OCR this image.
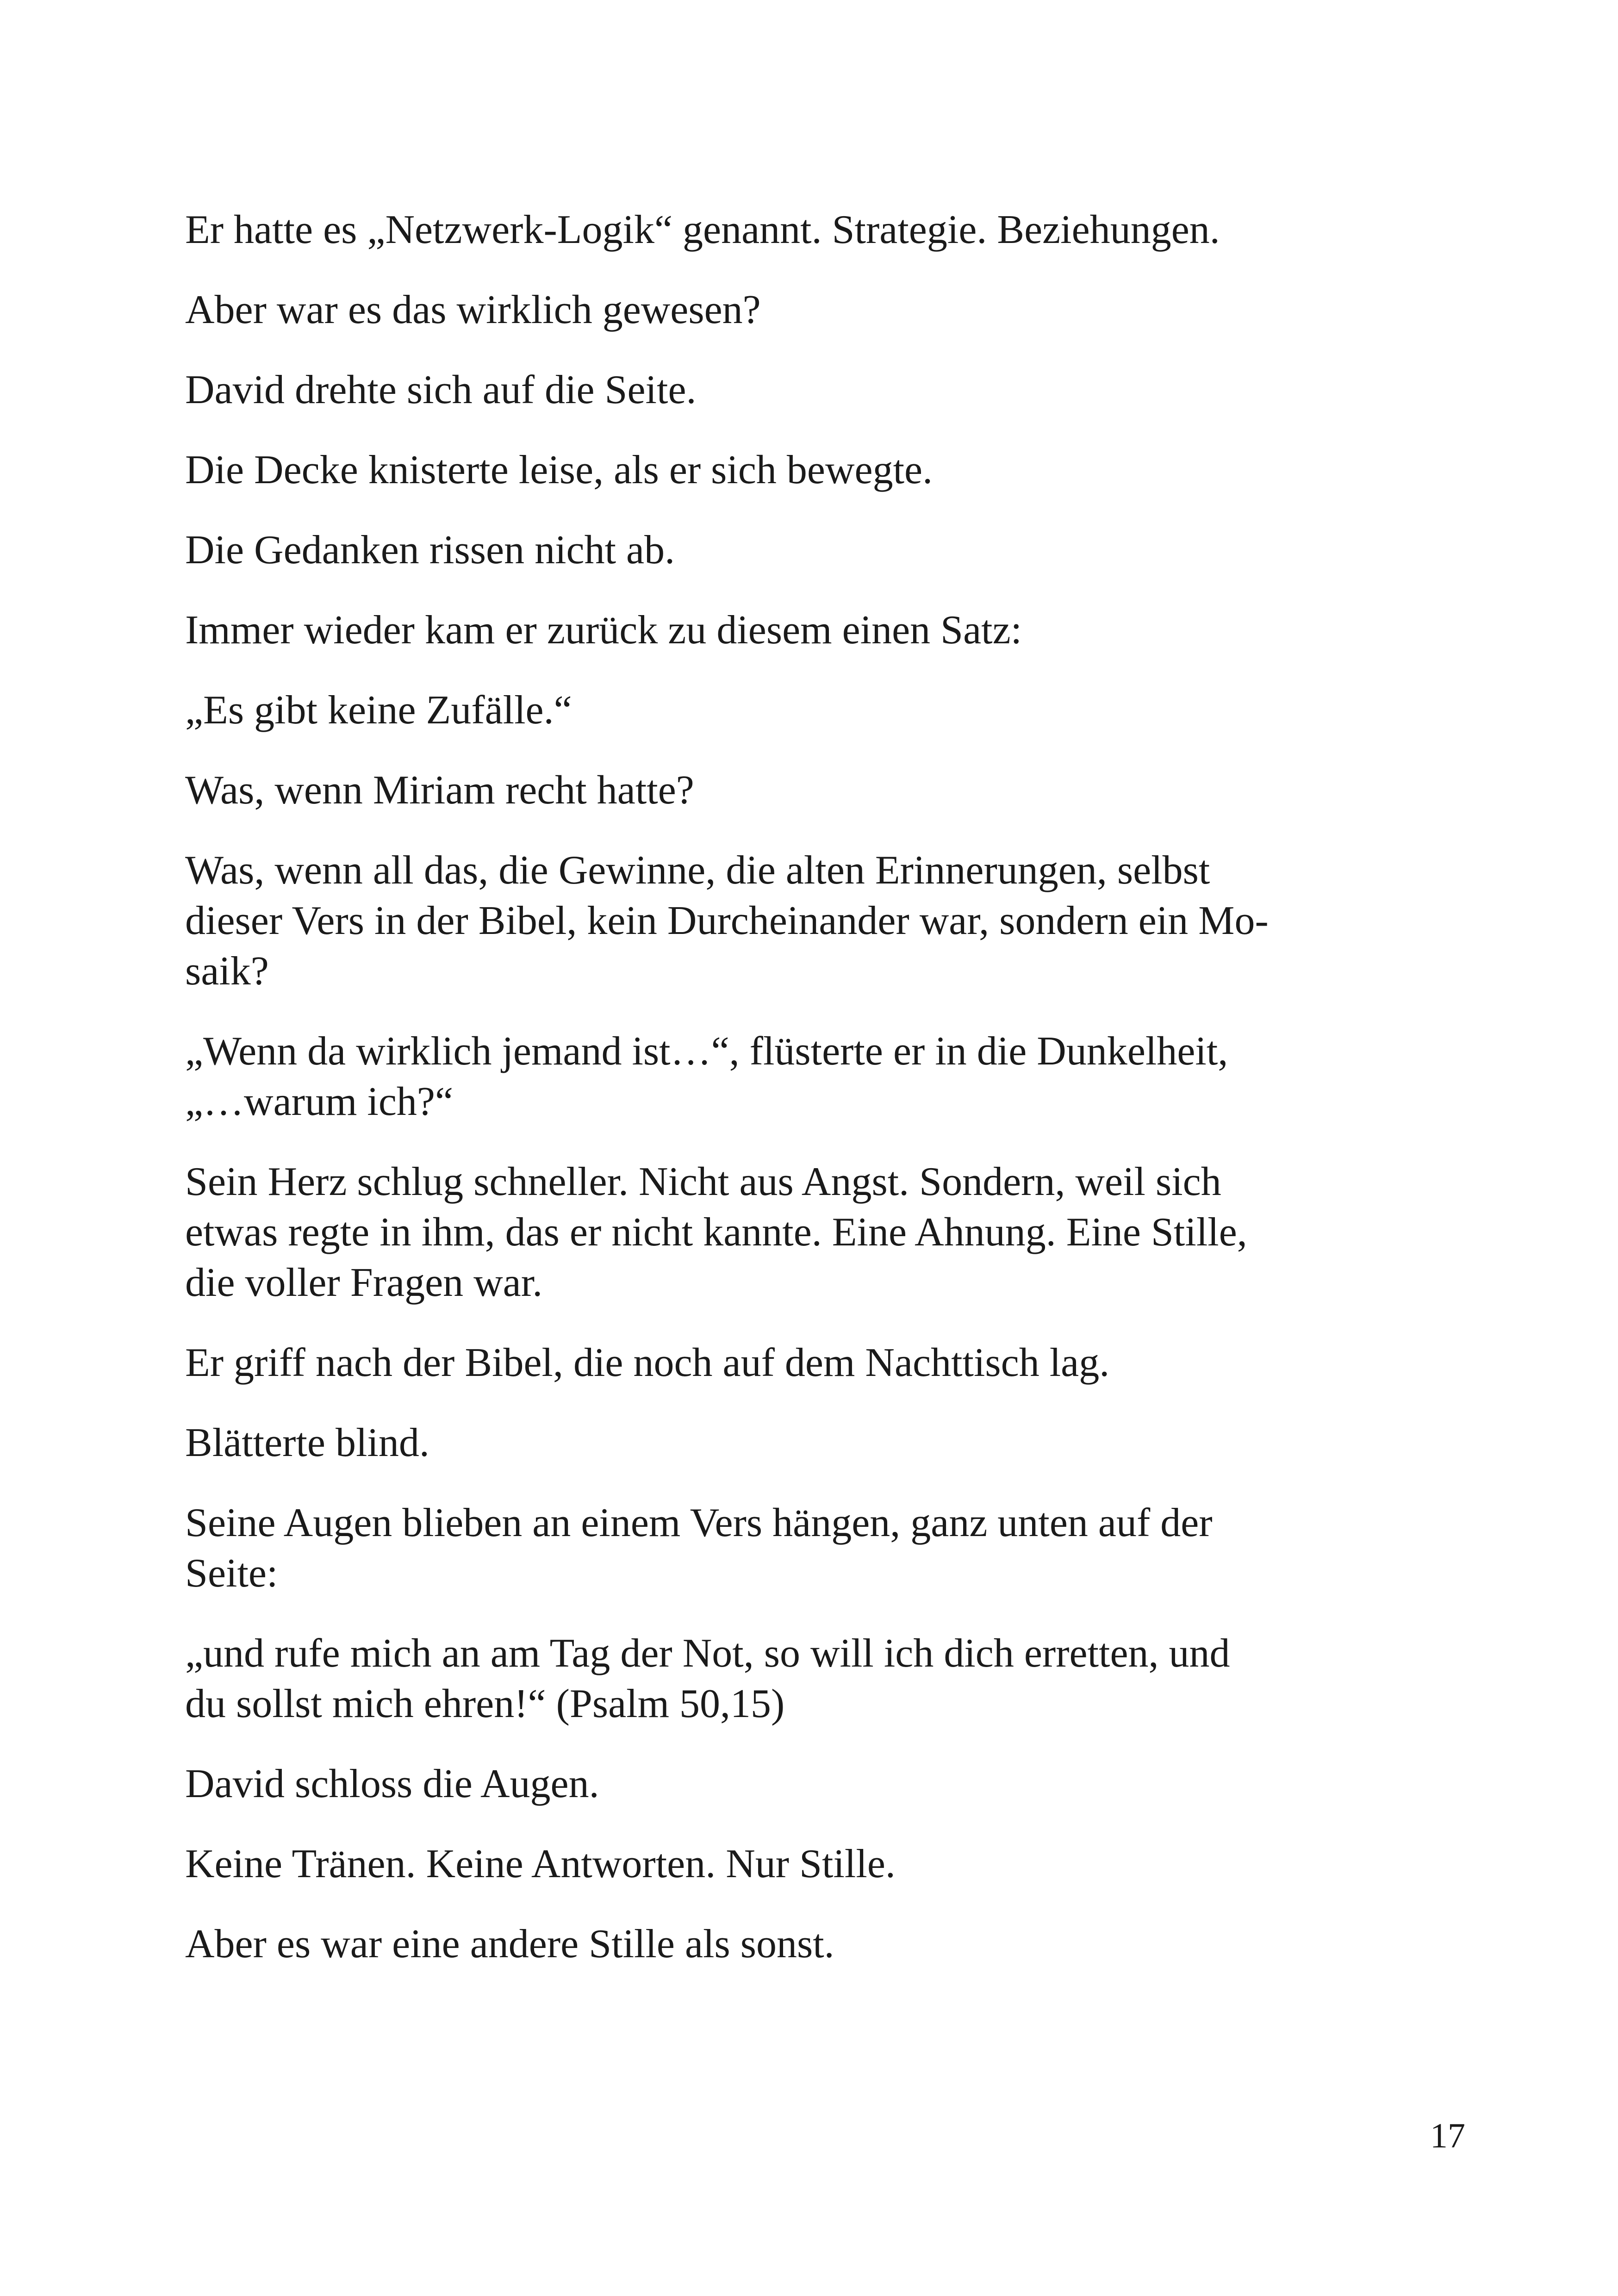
Er hatte es „Netzwerk-Logik“ genannt. Strategie. Beziehungen.

Aber war es das wirklich gewesen?

David drehte sich auf die Seite.

Die Decke knisterte leise, als er sich bewegte.

Die Gedanken rissen nicht ab.

Immer wieder kam er zurück zu diesem einen Satz:

„Es gibt keine Zufälle.“

Was, wenn Miriam recht hatte?

Was, wenn all das, die Gewinne, die alten Erinnerungen, selbst
dieser Vers in der Bibel, kein Durcheinander war, sondern ein Mo-
saik?

„Wenn da wirklich jemand ist…“, flüsterte er in die Dunkelheit,
„…warum ich?“

Sein Herz schlug schneller. Nicht aus Angst. Sondern, weil sich
etwas regte in ihm, das er nicht kannte. Eine Ahnung. Eine Stille,
die voller Fragen war.

Er griff nach der Bibel, die noch auf dem Nachttisch lag.

Blätterte blind.

Seine Augen blieben an einem Vers hängen, ganz unten auf der
Seite:

„und rufe mich an am Tag der Not, so will ich dich erretten, und
du sollst mich ehren!“ (Psalm 50,15)

David schloss die Augen.

Keine Tränen. Keine Antworten. Nur Stille.

Aber es war eine andere Stille als sonst.

17
